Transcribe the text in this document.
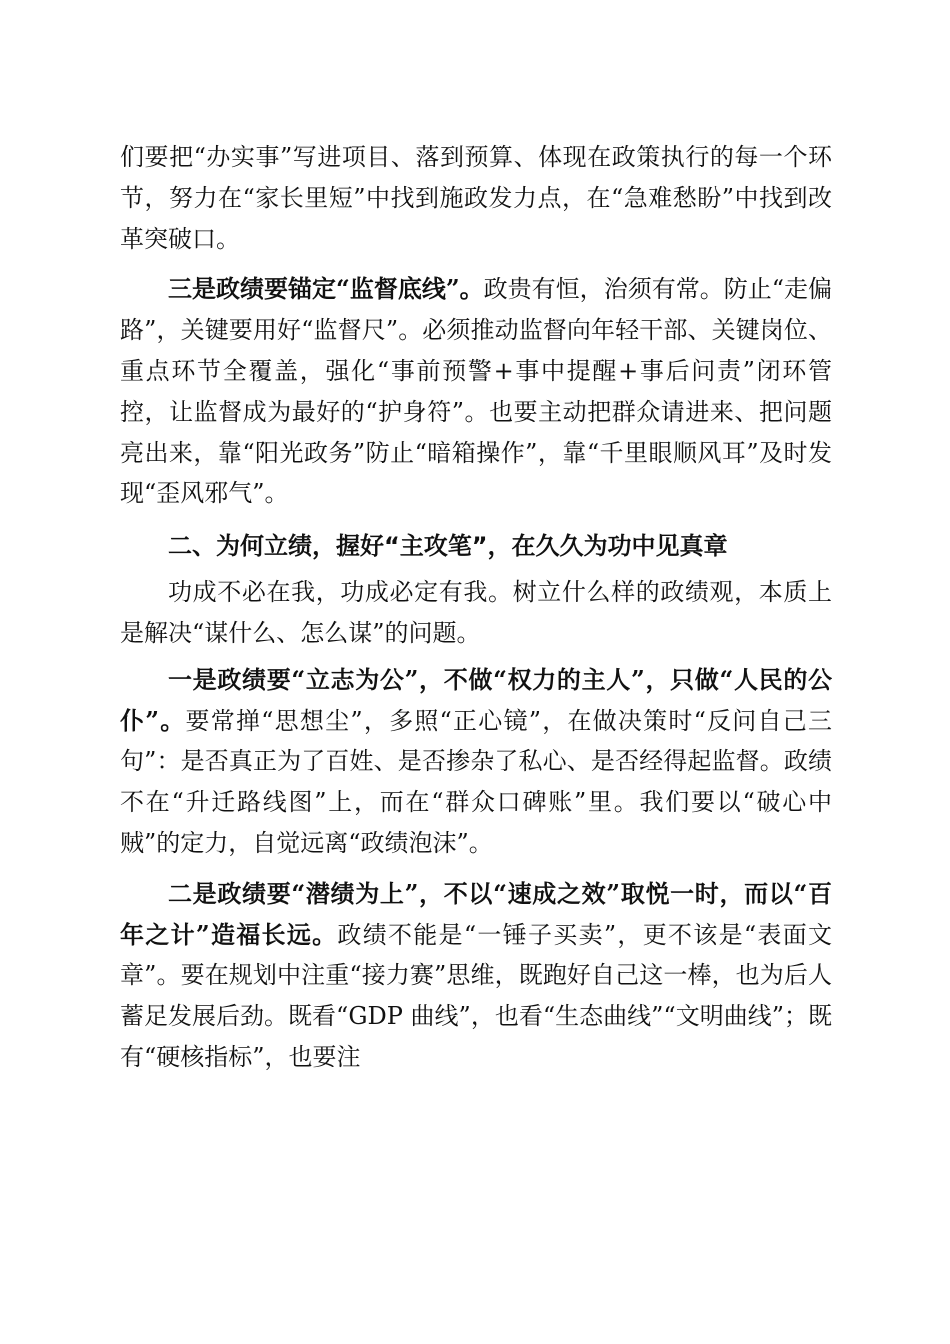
们要把“办实事”写进项目、落到预算、体现在政策执行的每一个环节，努力在“家长里短”中找到施政发力点，在“急难愁盼”中找到改革突破口。

三是政绩要锚定“监督底线”。政贵有恒，治须有常。防止“走偏路”，关键要用好“监督尺”。必须推动监督向年轻干部、关键岗位、重点环节全覆盖，强化“事前预警+事中提醒+事后问责”闭环管控，让监督成为最好的“护身符”。也要主动把群众请进来、把问题亮出来，靠“阳光政务”防止“暗箱操作”，靠“千里眼顺风耳”及时发现“歪风邪气”。

二、为何立绩，握好“主攻笔”，在久久为功中见真章

功成不必在我，功成必定有我。树立什么样的政绩观，本质上是解决“谋什么、怎么谋”的问题。

一是政绩要“立志为公”，不做“权力的主人”，只做“人民的公仆”。要常掸“思想尘”，多照“正心镜”，在做决策时“反问自己三句”：是否真正为了百姓、是否掺杂了私心、是否经得起监督。政绩不在“升迁路线图”上，而在“群众口碑账”里。我们要以“破心中贼”的定力，自觉远离“政绩泡沫”。

二是政绩要“潜绩为上”，不以“速成之效”取悦一时，而以“百年之计”造福长远。政绩不能是“一锤子买卖”，更不该是“表面文章”。要在规划中注重“接力赛”思维，既跑好自己这一棒，也为后人蓄足发展后劲。既看“GDP 曲线”，也看“生态曲线”“文明曲线”；既有“硬核指标”，也要注
